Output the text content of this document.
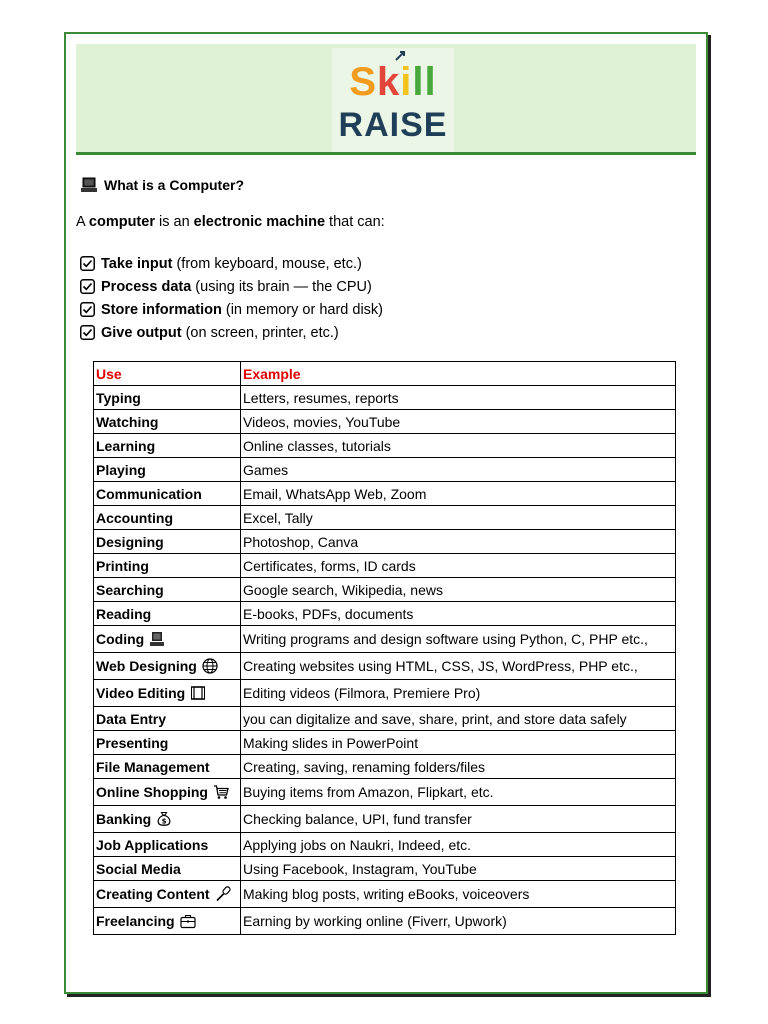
Skill
RAISE
What is a Computer?
A computer is an electronic machine that can:
Take input (from keyboard, mouse, etc.)
Process data (using its brain — the CPU)
Store information (in memory or hard disk)
Give output (on screen, printer, etc.)
Use	Example
Typing	Letters, resumes, reports
Watching	Videos, movies, YouTube
Learning	Online classes, tutorials
Playing	Games
Communication	Email, WhatsApp Web, Zoom
Accounting	Excel, Tally
Designing	Photoshop, Canva
Printing	Certificates, forms, ID cards
Searching	Google search, Wikipedia, news
Reading	E-books, PDFs, documents
Coding	Writing programs and design software using Python, C, PHP etc.,
Web Designing	Creating websites using HTML, CSS, JS, WordPress, PHP etc.,
Video Editing	Editing videos (Filmora, Premiere Pro)
Data Entry	you can digitalize and save, share, print, and store data safely
Presenting	Making slides in PowerPoint
File Management	Creating, saving, renaming folders/files
Online Shopping	Buying items from Amazon, Flipkart, etc.
Banking $	Checking balance, UPI, fund transfer
Job Applications	Applying jobs on Naukri, Indeed, etc.
Social Media	Using Facebook, Instagram, YouTube
Creating Content	Making blog posts, writing eBooks, voiceovers
Freelancing	Earning by working online (Fiverr, Upwork)
